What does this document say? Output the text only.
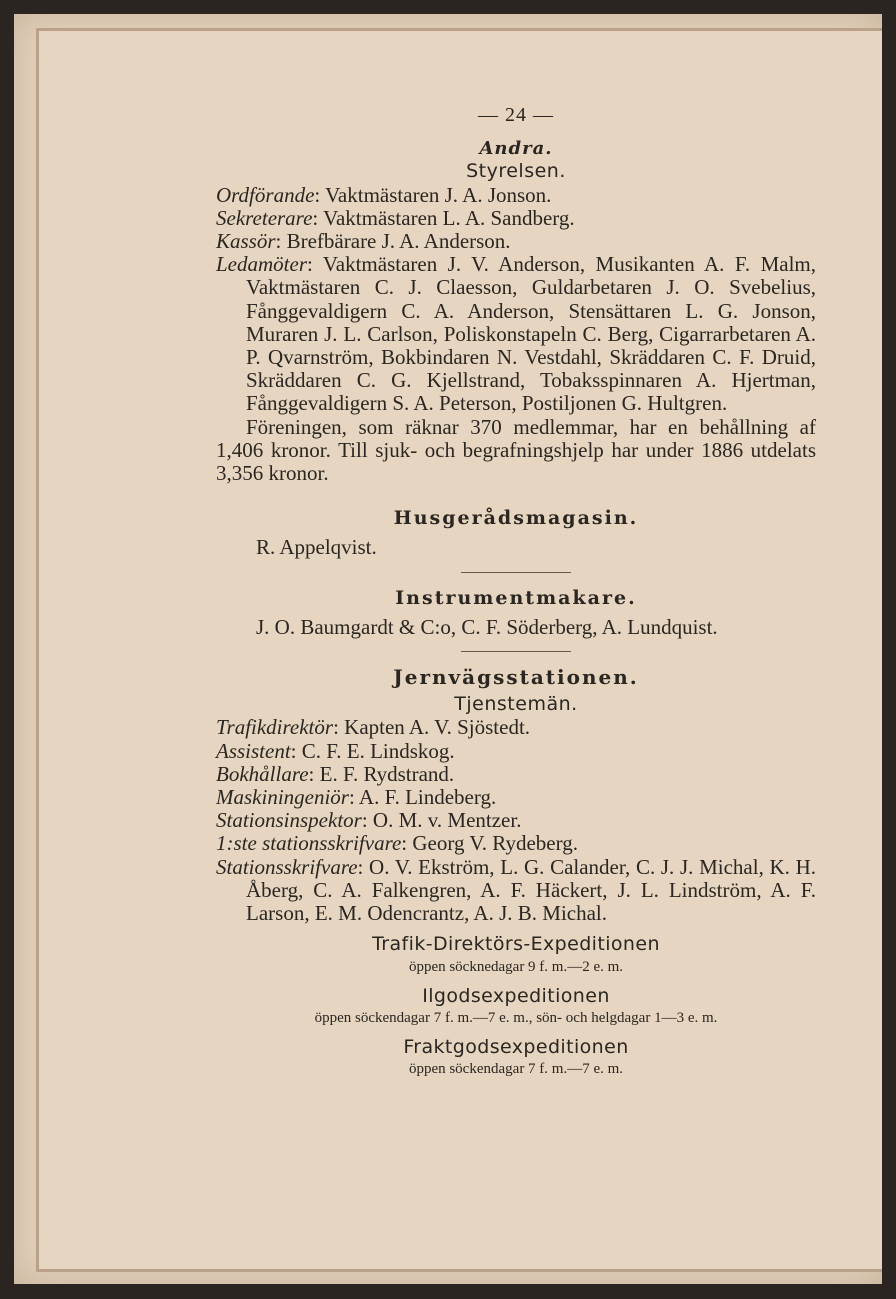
— 24 —
Andra.
Styrelsen.
Ordförande: Vaktmästaren J. A. Jonson.
Sekreterare: Vaktmästaren L. A. Sandberg.
Kassör: Brefbärare J. A. Anderson.
Ledamöter: Vaktmästaren J. V. Anderson, Musikanten A. F. Malm, Vaktmästaren C. J. Claesson, Guldarbetaren J. O. Svebelius, Fånggevaldigern C. A. Anderson, Stensättaren L. G. Jonson, Muraren J. L. Carlson, Poliskonstapeln C. Berg, Cigarrarbetaren A. P. Qvarnström, Bokbindaren N. Vestdahl, Skräddaren C. F. Druid, Skräddaren C. G. Kjellstrand, Tobaksspinnaren A. Hjertman, Fånggevaldigern S. A. Peterson, Postiljonen G. Hultgren.
Föreningen, som räknar 370 medlemmar, har en behållning af 1,406 kronor. Till sjuk- och begrafningshjelp har under 1886 utdelats 3,356 kronor.
Husgerådsmagasin.
R. Appelqvist.
Instrumentmakare.
J. O. Baumgardt & C:o, C. F. Söderberg, A. Lundquist.
Jernvägsstationen.
Tjenstemän.
Trafikdirektör: Kapten A. V. Sjöstedt.
Assistent: C. F. E. Lindskog.
Bokhållare: E. F. Rydstrand.
Maskiningeniör: A. F. Lindeberg.
Stationsinspektor: O. M. v. Mentzer.
1:ste stationsskrifvare: Georg V. Rydeberg.
Stationsskrifvare: O. V. Ekström, L. G. Calander, C. J. J. Michal, K. H. Åberg, C. A. Falkengren, A. F. Häckert, J. L. Lindström, A. F. Larson, E. M. Odencrantz, A. J. B. Michal.
Trafik-Direktörs-Expeditionen
öppen söcknedagar 9 f. m.—2 e. m.
Ilgodsexpeditionen
öppen söckendagar 7 f. m.—7 e. m., sön- och helgdagar 1—3 e. m.
Fraktgodsexpeditionen
öppen söckendagar 7 f. m.—7 e. m.
